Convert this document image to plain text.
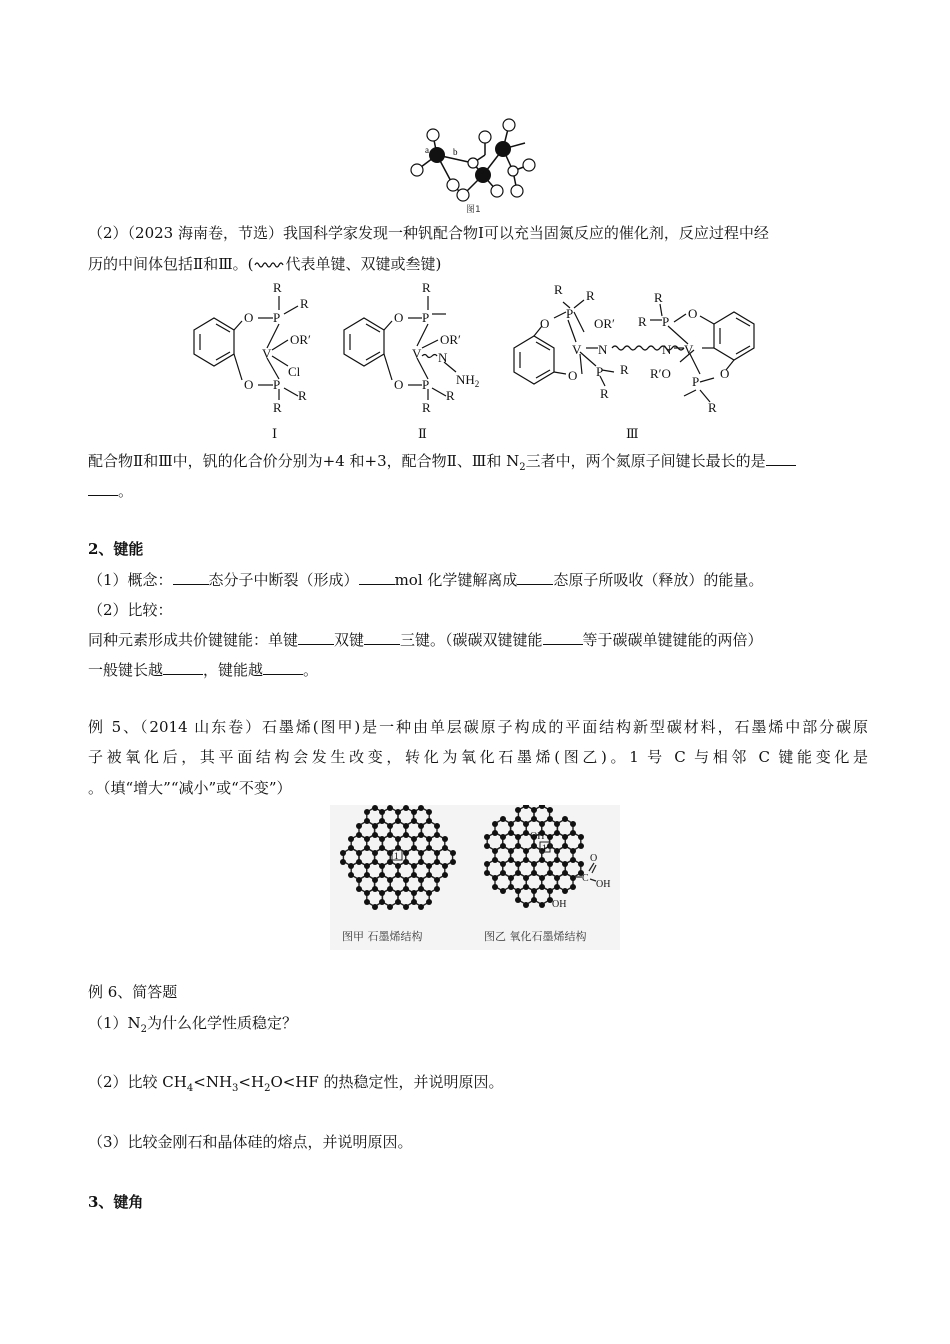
a	b
图1
（2）（2023 海南卷，节选）我国科学家发现一种钒配合物Ⅰ可以充当固氮反应的催化剂，反应过程中经
历的中间体包括Ⅱ和Ⅲ。( 代表单键、双键或叁键)
R
R
P
O
V
OR′
Cl
O P
R
R
R
P
O
V
OR′
N
$NH_2$
O P
R
R
R R
P
O
V
OR′
N
O P R
R
N V
R
R P
O
R′O
P
O
R
Ⅰ	Ⅱ	Ⅲ
配合物Ⅱ和Ⅲ中，钒的化合价分别为+4 和+3，配合物Ⅱ、Ⅲ和 $N_2$三者中，两个氮原子间键长最长的是
。
2、键能
（1）概念： 态分子中断裂（形成） mol 化学键解离成 态原子所吸收（释放）的能量。
（2）比较：
同种元素形成共价键键能：单键 双键 三键。（碳碳双键键能	等于碳碳单键键能的两倍）
一般键长越	，键能越	。
例 5、（2014 山东卷）石墨烯(图甲)是一种由单层碳原子构成的平面结构新型碳材料，石墨烯中部分碳原
子被氧化后，其平面结构会发生改变，转化为氧化石墨烯(图乙)。1 号 C 与相邻 C 键能变化是
。（填“增大”“减小”或“不变”）
1
1
OH
OH
C
O
OH
图甲 石墨烯结构	图乙 氧化石墨烯结构
例 6、简答题
$(1)N_2$为什么化学性质稳定？
（2）比较 $CH_4<NH_3<H_2O<HF$ 的热稳定性，并说明原因。
（3）比较金刚石和晶体硅的熔点，并说明原因。
3、键角
